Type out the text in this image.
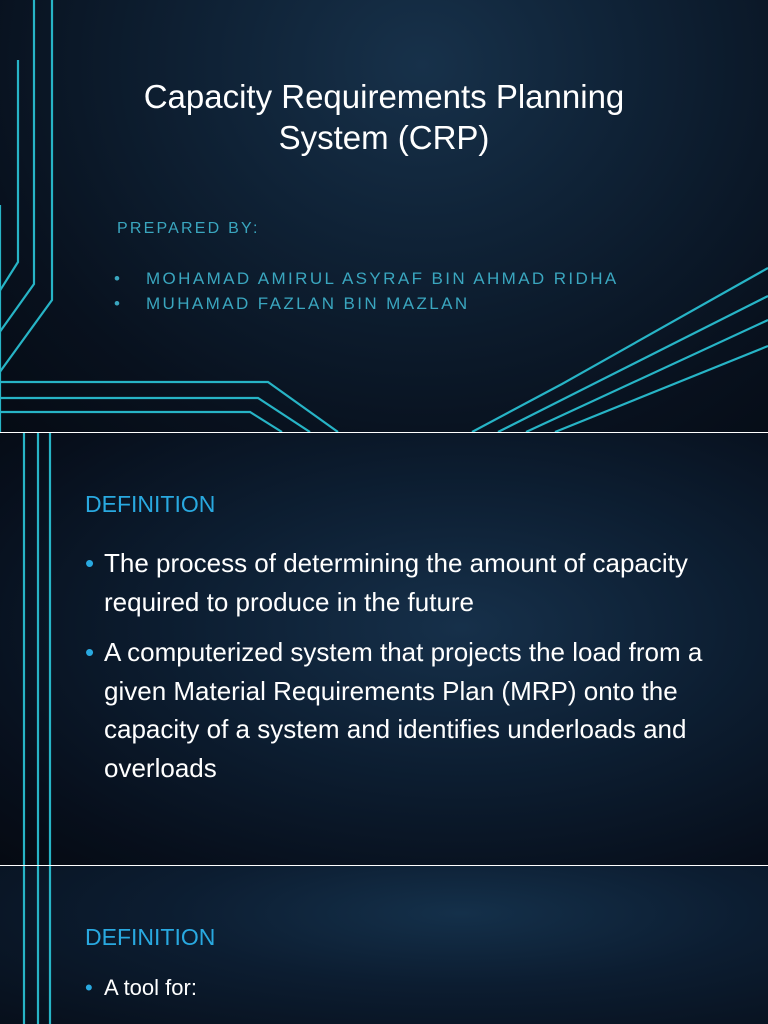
Capacity Requirements Planning
System (CRP)

PREPARED BY:

• MOHAMAD AMIRUL ASYRAF BIN AHMAD RIDHA
• MUHAMAD FAZLAN BIN MAZLAN
DEFINITION
• The process of determining the amount of capacity required to produce in the future
• A computerized system that projects the load from a given Material Requirements Plan (MRP) onto the capacity of a system and identifies underloads and overloads
DEFINITION
• A tool for:
